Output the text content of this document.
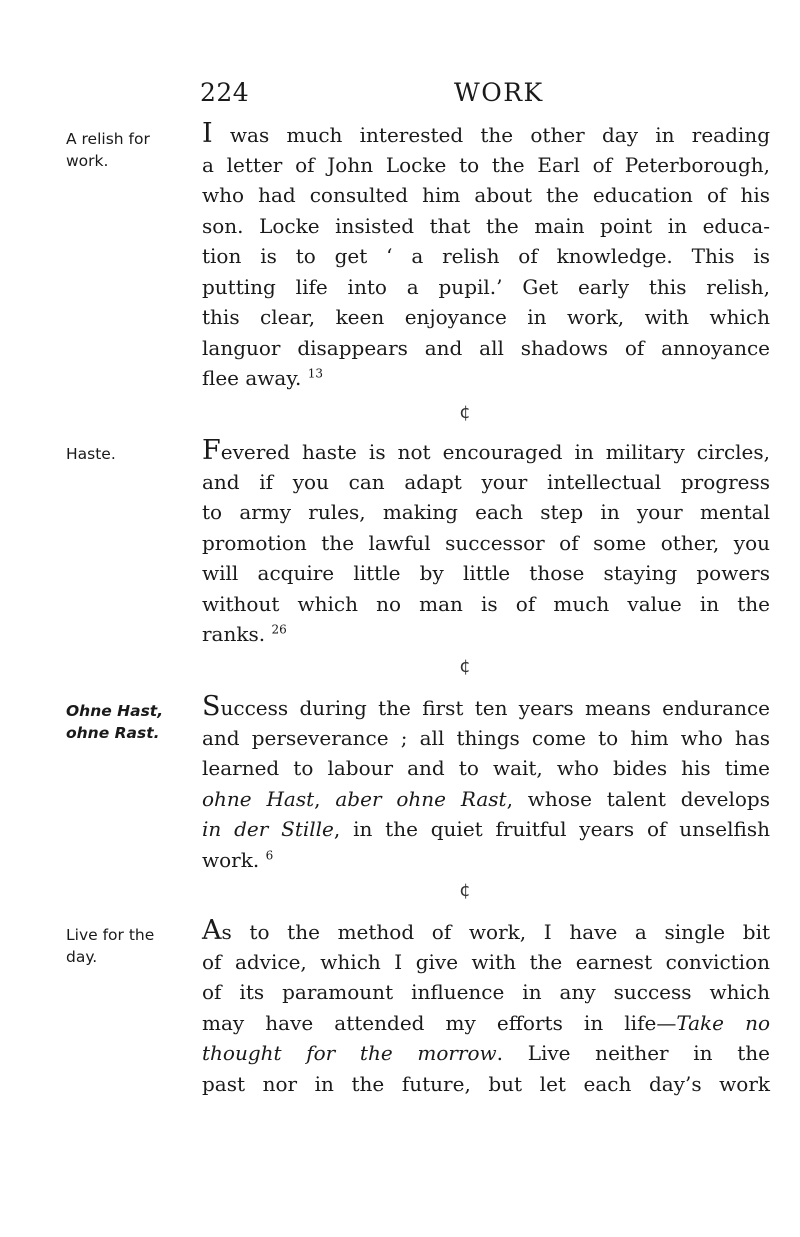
224	WORK
A relish for
work.
I was much interested the other day in reading
a letter of John Locke to the Earl of Peterborough,
who had consulted him about the education of his
son. Locke insisted that the main point in educa-
tion is to get ‘ a relish of knowledge. This is
putting life into a pupil.’ Get early this relish,
this clear, keen enjoyance in work, with which
languor disappears and all shadows of annoyance
flee away. $^{13}$
¢
Haste.	Fevered haste is not encouraged in military circles,
and if you can adapt your intellectual progress
to army rules, making each step in your mental
promotion the lawful successor of some other, you
will acquire little by little those staying powers
without which no man is of much value in the
ranks. $^{26}$
¢
Ohne Hast,
ohne Rast.
Success during the first ten years means endurance
and perseverance ; all things come to him who has
learned to labour and to wait, who bides his time
ohne Hast, aber ohne Rast, whose talent develops
in der Stille, in the quiet fruitful years of unselfish
work. $^6$
¢
Live for the
day.
As to the method of work, I have a single bit
of advice, which I give with the earnest conviction
of its paramount influence in any success which
may have attended my efforts in life—Take no
thought for the morrow. Live neither in the
past nor in the future, but let each day’s work
